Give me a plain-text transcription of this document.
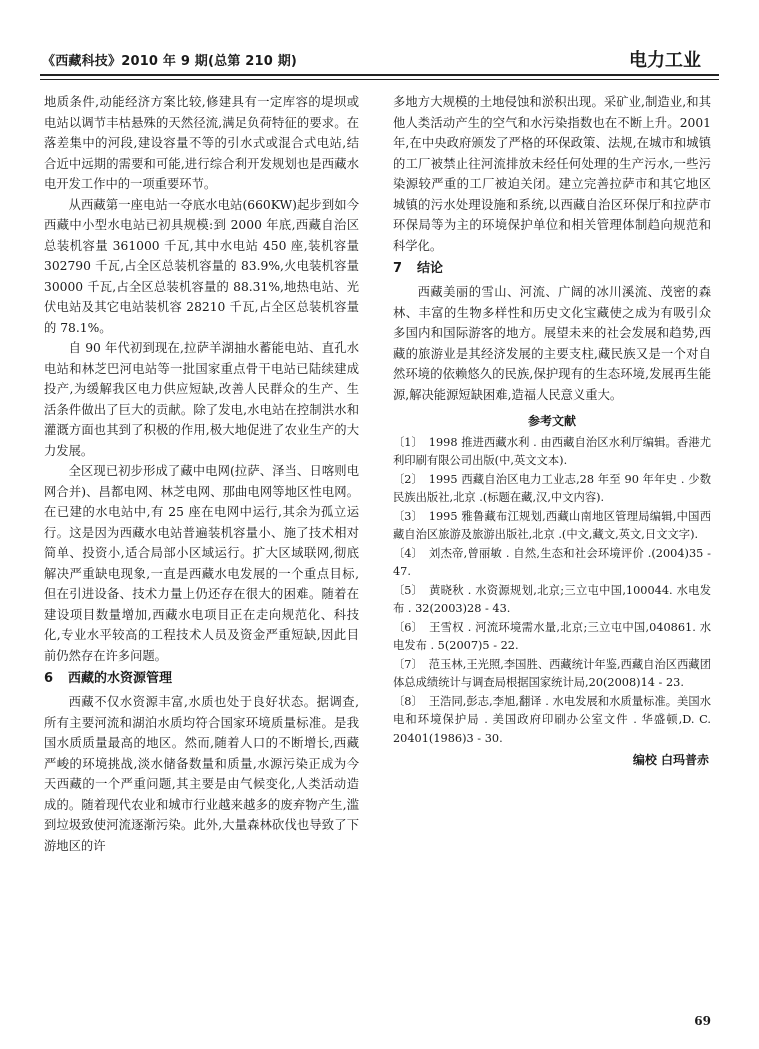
《西藏科技》2010 年 9 期(总第 210 期)	电力工业

地质条件,动能经济方案比较,修建具有一定库容的堤坝或电站以调节丰枯悬殊的天然径流,满足负荷特征的要求。在落差集中的河段,建设容量不等的引水式或混合式电站,结合近中远期的需要和可能,进行综合利开发规划也是西藏水电开发工作中的一项重要环节。

从西藏第一座电站一夺底水电站(660KW)起步到如今西藏中小型水电站已初具规模:到 2000 年底,西藏自治区总装机容量 361000 千瓦,其中水电站 450 座,装机容量 302790 千瓦,占全区总装机容量的 83.9%,火电装机容量 30000 千瓦,占全区总装机容量的 88.31%,地热电站、光伏电站及其它电站装机容 28210 千瓦,占全区总装机容量的 78.1%。

自 90 年代初到现在,拉萨羊湖抽水蓄能电站、直孔水电站和林芝巴河电站等一批国家重点骨干电站已陆续建成投产,为缓解我区电力供应短缺,改善人民群众的生产、生活条件做出了巨大的贡献。除了发电,水电站在控制洪水和灌溉方面也其到了积极的作用,极大地促进了农业生产的大力发展。

全区现已初步形成了藏中电网(拉萨、泽当、日喀则电网合并)、昌都电网、林芝电网、那曲电网等地区性电网。在已建的水电站中,有 25 座在电网中运行,其余为孤立运行。这是因为西藏水电站普遍装机容量小、施了技术相对简单、投资小,适合局部小区域运行。扩大区域联网,彻底解决严重缺电现象,一直是西藏水电发展的一个重点目标,但在引进设备、技术力量上仍还存在很大的困难。随着在建设项目数量增加,西藏水电项目正在走向规范化、科技化,专业水平较高的工程技术人员及资金严重短缺,因此目前仍然存在许多问题。

6 西藏的水资源管理

西藏不仅水资源丰富,水质也处于良好状态。据调查,所有主要河流和湖泊水质均符合国家环境质量标准。是我国水质质量最高的地区。然而,随着人口的不断增长,西藏严峻的环境挑战,淡水储备数量和质量,水源污染正成为今天西藏的一个严重问题,其主要是由气候变化,人类活动造成的。随着现代农业和城市行业越来越多的废弃物产生,滥到垃圾致使河流逐渐污染。此外,大量森林砍伐也导致了下游地区的许

多地方大规模的土地侵蚀和淤积出现。采矿业,制造业,和其他人类活动产生的空气和水污染指数也在不断上升。2001 年,在中央政府颁发了严格的环保政策、法规,在城市和城镇的工厂被禁止往河流排放未经任何处理的生产污水,一些污染源较严重的工厂被迫关闭。建立完善拉萨市和其它地区城镇的污水处理设施和系统,以西藏自治区环保厅和拉萨市环保局等为主的环境保护单位和相关管理体制趋向规范和科学化。

7 结论

西藏美丽的雪山、河流、广阔的冰川溪流、茂密的森林、丰富的生物多样性和历史文化宝藏使之成为有吸引众多国内和国际游客的地方。展望未来的社会发展和趋势,西藏的旅游业是其经济发展的主要支柱,藏民族又是一个对自然环境的依赖悠久的民族,保护现有的生态环境,发展再生能源,解决能源短缺困难,造福人民意义重大。

参考文献
〔1〕 1998 推进西藏水利 . 由西藏自治区水利厅编辑。香港尤利印刷有限公司出版(中,英文文本).
〔2〕 1995 西藏自治区电力工业志,28 年至 90 年年史 . 少数民族出版社,北京 .(标题在藏,汉,中文内容).
〔3〕 1995 雅鲁藏布江规划,西藏山南地区管理局编辑,中国西藏自治区旅游及旅游出版社,北京 .(中文,藏文,英文,日文文字).
〔4〕 刘杰帝,曾丽敏 . 自然,生态和社会环境评价 .(2004)35 - 47.
〔5〕 黄晓秋 . 水资源规划,北京;三立屯中国,100044. 水电发布 . 32(2003)28 - 43.
〔6〕 王雪权 . 河流环境需水量,北京;三立屯中国,040861. 水电发布 . 5(2007)5 - 22.
〔7〕 范玉林,王光照,李国胜、西藏统计年鉴,西藏自治区西藏团体总成绩统计与调查局根据国家统计局,20(2008)14 - 23.
〔8〕 王浩同,彭志,李旭,翻译 . 水电发展和水质量标准。美国水电和环境保护局 . 美国政府印刷办公室文件 . 华盛顿,D. C. 20401(1986)3 - 30.
编校 白玛普赤
69
